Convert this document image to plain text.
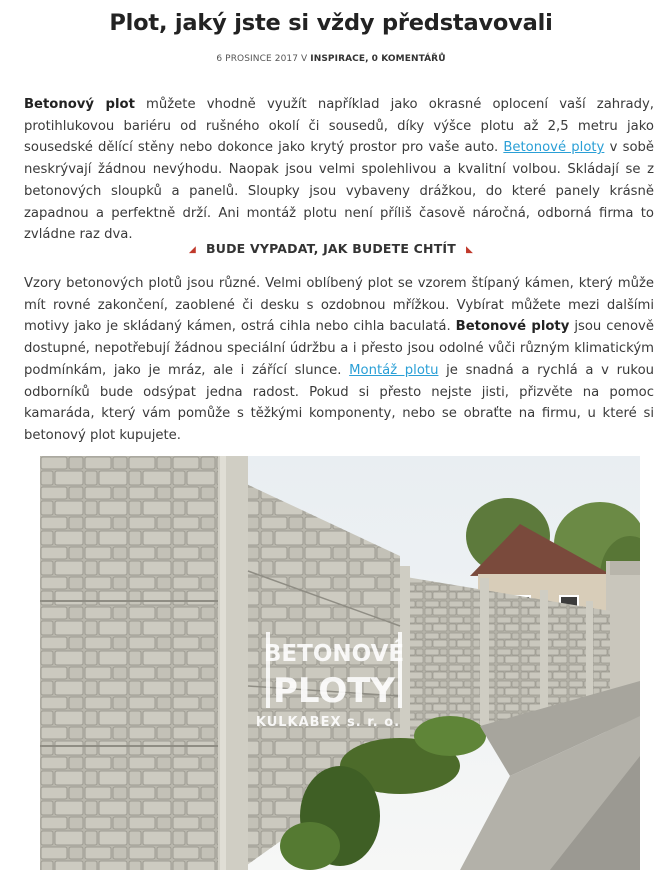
Plot, jaký jste si vždy představovali
6 PROSINCE 2017 V INSPIRACE, 0 KOMENTÁŘŮ

Betonový plot můžete vhodně využít například jako okrasné oplocení vaší zahrady, protihlukovou bariéru od rušného okolí či sousedů, díky výšce plotu až 2,5 metru jako sousedské dělící stěny nebo dokonce jako krytý prostor pro vaše auto. Betonové ploty v sobě neskrývají žádnou nevýhodu. Naopak jsou velmi spolehlivou a kvalitní volbou. Skládají se z betonových sloupků a panelů. Sloupky jsou vybaveny drážkou, do které panely krásně zapadnou a perfektně drží. Ani montáž plotu není příliš časově náročná, odborná firma to zvládne raz dva.

◢ BUDE VYPADAT, JAK BUDETE CHTÍT ◣

Vzory betonových plotů jsou různé. Velmi oblíbený plot se vzorem štípaný kámen, který může mít rovné zakončení, zaoblené či desku s ozdobnou mřížkou. Vybírat můžete mezi dalšími motivy jako je skládaný kámen, ostrá cihla nebo cihla baculatá. Betonové ploty jsou cenově dostupné, nepotřebují žádnou speciální údržbu a i přesto jsou odolné vůči různým klimatickým podmínkám, jako je mráz, ale i zářící slunce. Montáž plotu je snadná a rychlá a v rukou odborníků bude odsýpat jedna radost. Pokud si přesto nejste jisti, přizvěte na pomoc kamaráda, který vám pomůže s těžkými komponenty, nebo se obraťte na firmu, u které si betonový plot kupujete.

BETONOVÉ
PLOTY
KULKABEX s. r. o.
